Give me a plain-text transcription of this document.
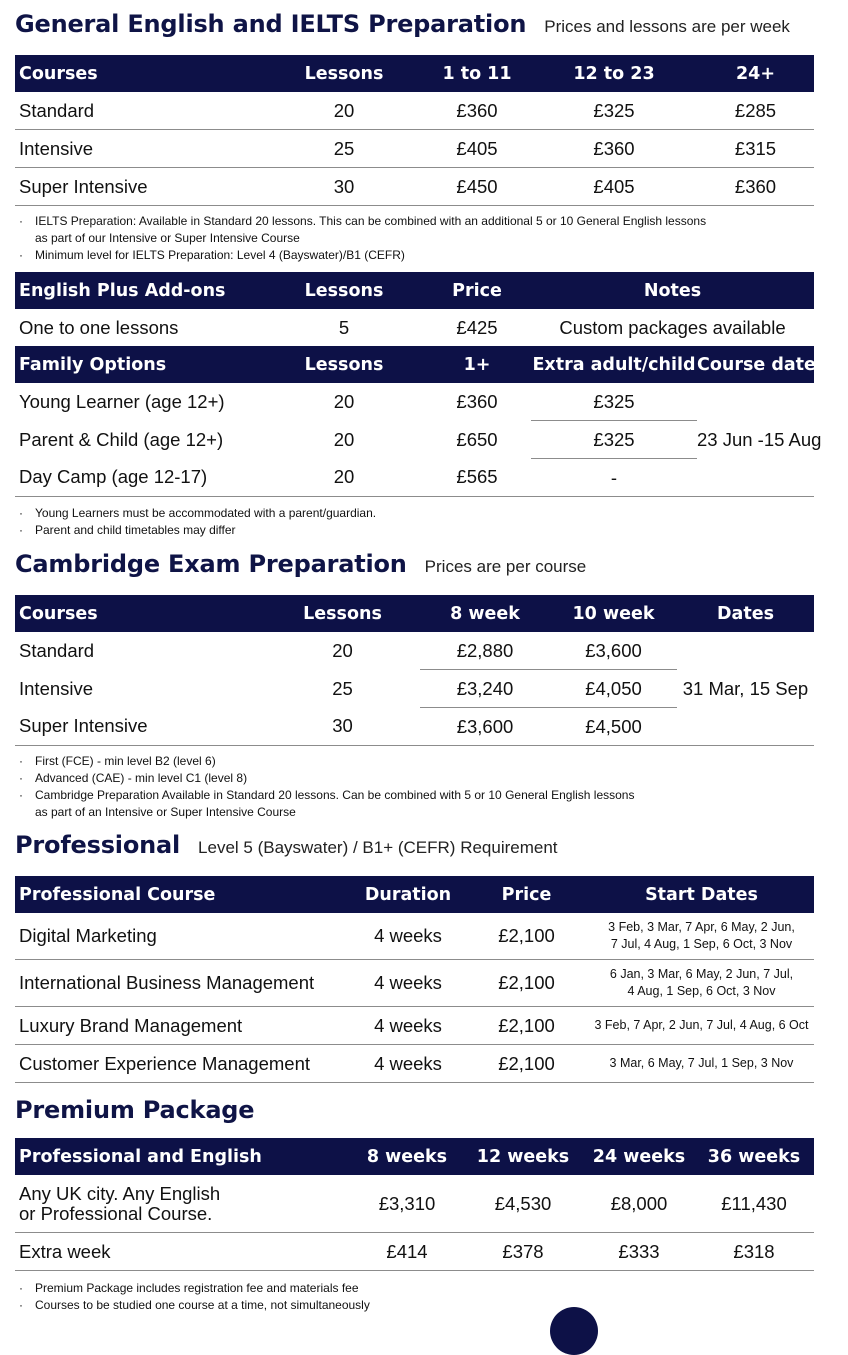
General English and IELTS Preparation Prices and lessons are per week
Courses	Lessons	1 to 11	12 to 23	24+
Standard	20	£360	£325	£285
Intensive	25	£405	£360	£315
Super Intensive	30	£450	£405	£360
· IELTS Preparation: Available in Standard 20 lessons. This can be combined with an additional 5 or 10 General English lessons
as part of our Intensive or Super Intensive Course
· Minimum level for IELTS Preparation: Level 4 (Bayswater)/B1 (CEFR)
English Plus Add-ons	Lessons	Price	Notes
One to one lessons	5	£425	Custom packages available
Family Options	Lessons	1+	Extra adult/child	Course dates
Young Learner (age 12+)	20	£360	£325	23 Jun -15 Aug
Parent & Child (age 12+)	20	£650	£325	
Day Camp (age 12-17)	20	£565	-	
· Young Learners must be accommodated with a parent/guardian.
· Parent and child timetables may differ
Cambridge Exam Preparation Prices are per course
Courses	Lessons	8 week	10 week	Dates
Standard	20	£2,880	£3,600	31 Mar, 15 Sep
Intensive	25	£3,240	£4,050	
Super Intensive	30	£3,600	£4,500	
· First (FCE) - min level B2 (level 6)
· Advanced (CAE) - min level C1 (level 8)
· Cambridge Preparation Available in Standard 20 lessons. Can be combined with 5 or 10 General English lessons
as part of an Intensive or Super Intensive Course
Professional Level 5 (Bayswater) / B1+ (CEFR) Requirement
Professional Course	Duration	Price	Start Dates
Digital Marketing	4 weeks	£2,100	3 Feb, 3 Mar, 7 Apr, 6 May, 2 Jun,
7 Jul, 4 Aug, 1 Sep, 6 Oct, 3 Nov

International Business Management	4 weeks	£2,100	6 Jan, 3 Mar, 6 May, 2 Jun, 7 Jul,
4 Aug, 1 Sep, 6 Oct, 3 Nov

Luxury Brand Management	4 weeks	£2,100	3 Feb, 7 Apr, 2 Jun, 7 Jul, 4 Aug, 6 Oct
Customer Experience Management	4 weeks	£2,100	3 Mar, 6 May, 7 Jul, 1 Sep, 3 Nov
Premium Package
Professional and English	8 weeks	12 weeks	24 weeks	36 weeks

Any UK city. Any English
or Professional Course.	£3,310	£4,530	£8,000	£11,430
Extra week	£414	£378	£333	£318
· Premium Package includes registration fee and materials fee
· Courses to be studied one course at a time, not simultaneously
